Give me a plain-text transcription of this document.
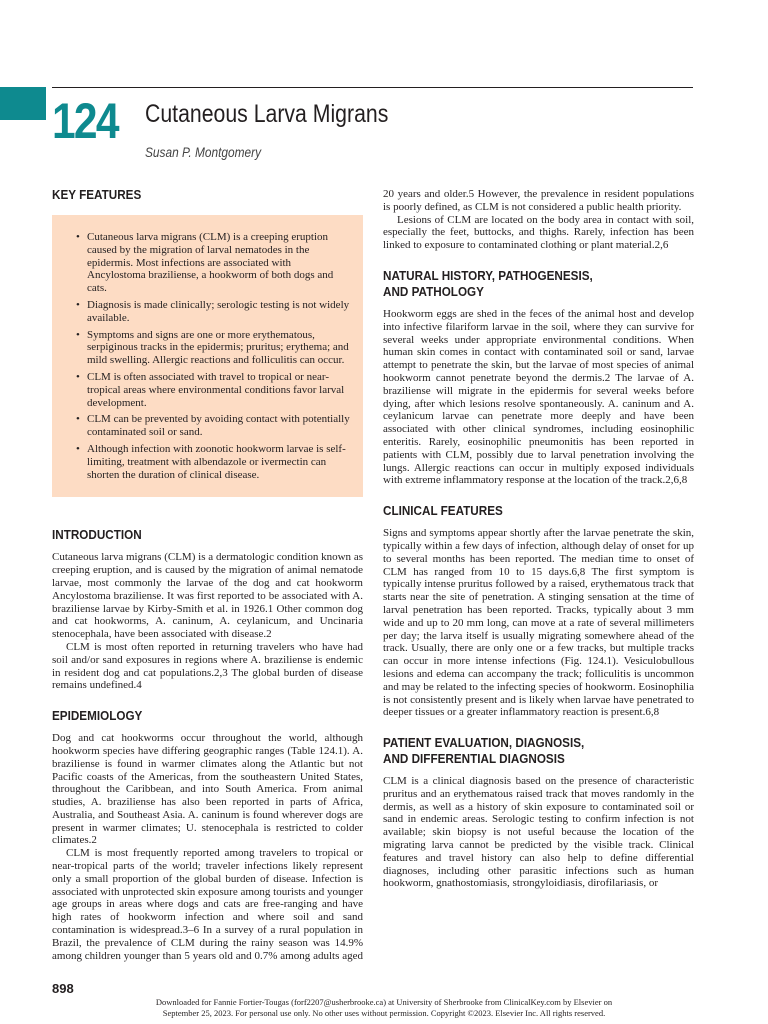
124 Cutaneous Larva Migrans
Susan P. Montgomery
KEY FEATURES
• Cutaneous larva migrans (CLM) is a creeping eruption caused by the migration of larval nematodes in the epidermis. Most infections are associated with Ancylostoma braziliense, a hookworm of both dogs and cats.
• Diagnosis is made clinically; serologic testing is not widely available.
• Symptoms and signs are one or more erythematous, serpiginous tracks in the epidermis; pruritus; erythema; and mild swelling. Allergic reactions and folliculitis can occur.
• CLM is often associated with travel to tropical or near-tropical areas where environmental conditions favor larval development.
• CLM can be prevented by avoiding contact with potentially contaminated soil or sand.
• Although infection with zoonotic hookworm larvae is self-limiting, treatment with albendazole or ivermectin can shorten the duration of clinical disease.
INTRODUCTION

Cutaneous larva migrans (CLM) is a dermatologic condition known as creeping eruption, and is caused by the migration of animal nematode larvae, most commonly the larvae of the dog and cat hookworm Ancylostoma braziliense. It was first reported to be associated with A. braziliense larvae by Kirby-Smith et al. in 1926.1 Other common dog and cat hookworms, A. caninum, A. ceylanicum, and Uncinaria stenocephala, have been associated with disease.2

CLM is most often reported in returning travelers who have had soil and/or sand exposures in regions where A. braziliense is endemic in resident dog and cat populations.2,3 The global burden of disease remains undefined.4

EPIDEMIOLOGY

Dog and cat hookworms occur throughout the world, although hookworm species have differing geographic ranges (Table 124.1). A. braziliense is found in warmer climates along the Atlantic but not Pacific coasts of the Americas, from the southeastern United States, throughout the Caribbean, and into South America. From animal studies, A. braziliense has also been reported in parts of Africa, Australia, and Southeast Asia. A. caninum is found wherever dogs are present in warmer climates; U. stenocephala is restricted to colder climates.2

CLM is most frequently reported among travelers to tropical or near-tropical parts of the world; traveler infections likely represent only a small proportion of the global burden of disease. Infection is associated with unprotected skin exposure among tourists and younger age groups in areas where dogs and cats are free-ranging and have high rates of hookworm infection and where soil and sand contamination is widespread.3–6 In a survey of a rural population in Brazil, the prevalence of CLM during the rainy season was 14.9% among children younger than 5 years old and 0.7% among adults aged

20 years and older.5 However, the prevalence in resident populations is poorly defined, as CLM is not considered a public health priority.

Lesions of CLM are located on the body area in contact with soil, especially the feet, buttocks, and thighs. Rarely, infection has been linked to exposure to contaminated clothing or plant material.2,6

NATURAL HISTORY, PATHOGENESIS,
AND PATHOLOGY

Hookworm eggs are shed in the feces of the animal host and develop into infective filariform larvae in the soil, where they can survive for several weeks under appropriate environmental conditions. When human skin comes in contact with contaminated soil or sand, larvae attempt to penetrate the skin, but the larvae of most species of animal hookworm cannot penetrate beyond the dermis.2 The larvae of A. braziliense will migrate in the epidermis for several weeks before dying, after which lesions resolve spontaneously. A. caninum and A. ceylanicum larvae can penetrate more deeply and have been associated with other clinical syndromes, including eosinophilic enteritis. Rarely, eosinophilic pneumonitis has been reported in patients with CLM, possibly due to larval penetration involving the lungs. Allergic reactions can occur in multiply exposed individuals with extreme inflammatory response at the location of the track.2,6,8

CLINICAL FEATURES

Signs and symptoms appear shortly after the larvae penetrate the skin, typically within a few days of infection, although delay of onset for up to several months has been reported. The median time to onset of CLM has ranged from 10 to 15 days.6,8 The first symptom is typically intense pruritus followed by a raised, erythematous track that starts near the site of penetration. A stinging sensation at the time of larval penetration has been reported. Tracks, typically about 3 mm wide and up to 20 mm long, can move at a rate of several millimeters per day; the larva itself is usually migrating somewhere ahead of the track. Usually, there are only one or a few tracks, but multiple tracks can occur in more intense infections (Fig. 124.1). Vesiculobullous lesions and edema can accompany the track; folliculitis is uncommon and may be related to the infecting species of hookworm. Eosinophilia is not consistently present and is likely when larvae have penetrated to deeper tissues or a greater inflammatory reaction is present.6,8

PATIENT EVALUATION, DIAGNOSIS,
AND DIFFERENTIAL DIAGNOSIS

CLM is a clinical diagnosis based on the presence of characteristic pruritus and an erythematous raised track that moves randomly in the dermis, as well as a history of skin exposure to contaminated soil or sand in endemic areas. Serologic testing to confirm infection is not available; skin biopsy is not useful because the location of the migrating larva cannot be predicted by the visible track. Clinical features and travel history can also help to define differential diagnoses, including other parasitic infections such as human hookworm, gnathostomiasis, strongyloidiasis, dirofilariasis, or

898
Downloaded for Fannie Fortier-Tougas (forf2207@usherbrooke.ca) at University of Sherbrooke from ClinicalKey.com by Elsevier on
September 25, 2023. For personal use only. No other uses without permission. Copyright ©2023. Elsevier Inc. All rights reserved.
